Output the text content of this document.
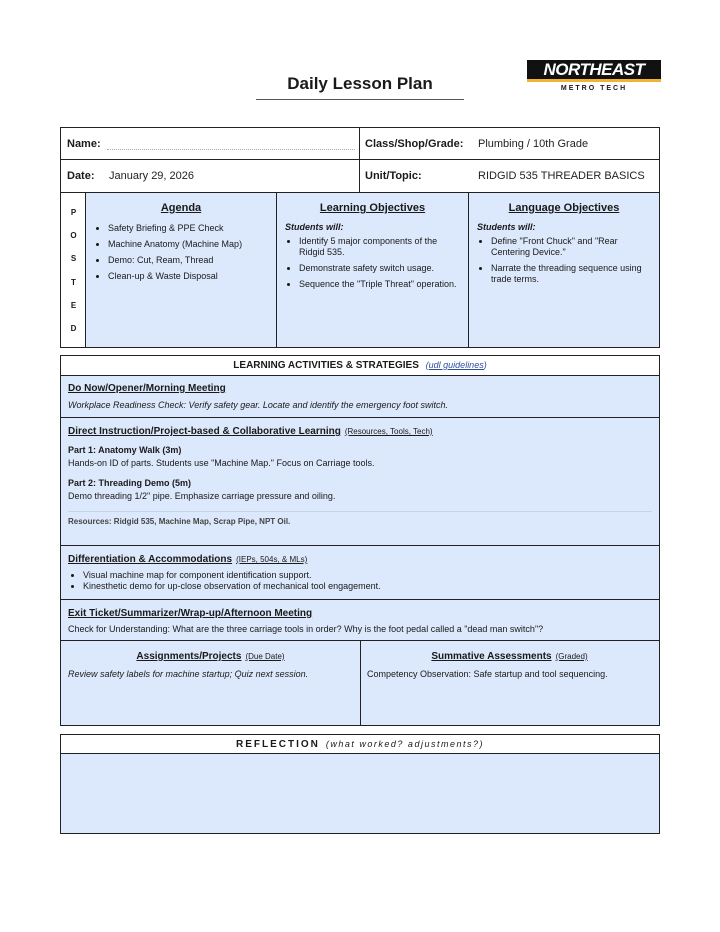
Daily Lesson Plan
NORTHEAST
METRO TECH
Name:	Class/Shop/Grade: Plumbing / 10th Grade
Date: January 29, 2026	Unit/Topic:	RIDGID 535 THREADER BASICS
P
O
S
T
E
D
Agenda
• Safety Briefing & PPE Check
• Machine Anatomy (Machine Map)
• Demo: Cut, Ream, Thread
• Clean-up & Waste Disposal
Learning Objectives
Students will:
• Identify 5 major components of the Ridgid 535.
• Demonstrate safety switch usage.
• Sequence the "Triple Threat" operation.
Language Objectives
Students will:
• Define "Front Chuck" and "Rear Centering Device."
• Narrate the threading sequence using trade terms.
LEARNING ACTIVITIES & STRATEGIES (udl guidelines)
Do Now/Opener/Morning Meeting
Workplace Readiness Check: Verify safety gear. Locate and identify the emergency foot switch.
Direct Instruction/Project-based & Collaborative Learning (Resources, Tools, Tech)
Part 1: Anatomy Walk (3m)
Hands-on ID of parts. Students use "Machine Map." Focus on Carriage tools.
Part 2: Threading Demo (5m)
Demo threading 1/2" pipe. Emphasize carriage pressure and oiling.
Resources: Ridgid 535, Machine Map, Scrap Pipe, NPT Oil.
Differentiation & Accommodations (IEPs, 504s, & MLs)
• Visual machine map for component identification support.
• Kinesthetic demo for up-close observation of mechanical tool engagement.
Exit Ticket/Summarizer/Wrap-up/Afternoon Meeting
Check for Understanding: What are the three carriage tools in order? Why is the foot pedal called a "dead man switch"?
Assignments/Projects (Due Date)
Review safety labels for machine startup; Quiz next session.
Summative Assessments (Graded)
Competency Observation: Safe startup and tool sequencing.
REFLECTION (what worked? adjustments?)
